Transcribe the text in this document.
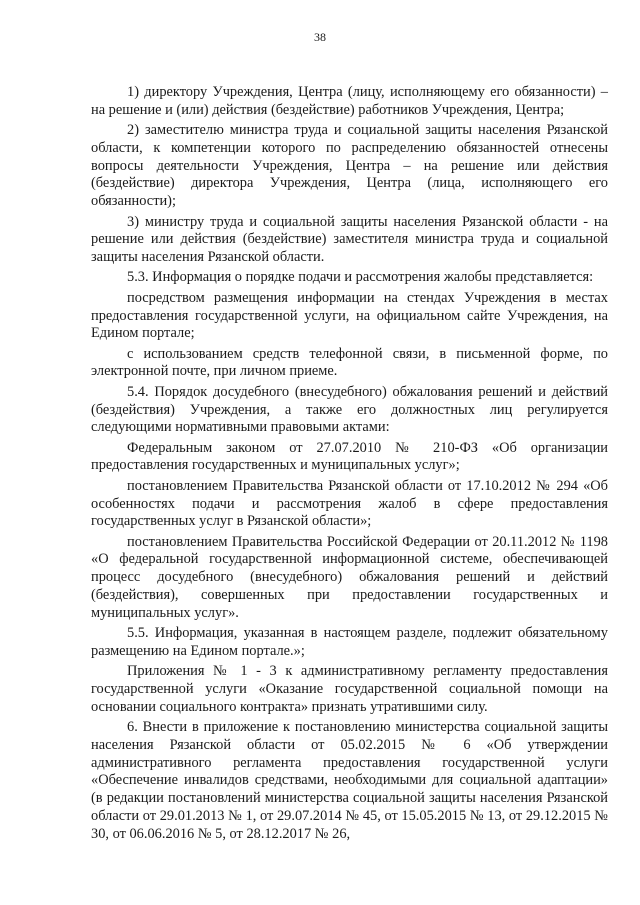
38

1) директору Учреждения, Центра (лицу, исполняющему его обязанности) – на решение и (или) действия (бездействие) работников Учреждения, Центра;

2) заместителю министра труда и социальной защиты населения Рязанской области, к компетенции которого по распределению обязанностей отнесены вопросы деятельности Учреждения, Центра – на решение или действия (бездействие) директора Учреждения, Центра (лица, исполняющего его обязанности);

3) министру труда и социальной защиты населения Рязанской области - на решение или действия (бездействие) заместителя министра труда и социальной защиты населения Рязанской области.

5.3. Информация о порядке подачи и рассмотрения жалобы представляется:

посредством размещения информации на стендах Учреждения в местах предоставления государственной услуги, на официальном сайте Учреждения, на Едином портале;

с использованием средств телефонной связи, в письменной форме, по электронной почте, при личном приеме.

5.4. Порядок досудебного (внесудебного) обжалования решений и действий (бездействия) Учреждения, а также его должностных лиц регулируется следующими нормативными правовыми актами:

Федеральным законом от 27.07.2010 № 210-ФЗ «Об организации предоставления государственных и муниципальных услуг»;

постановлением Правительства Рязанской области от 17.10.2012 № 294 «Об особенностях подачи и рассмотрения жалоб в сфере предоставления государственных услуг в Рязанской области»;

постановлением Правительства Российской Федерации от 20.11.2012 № 1198 «О федеральной государственной информационной системе, обеспечивающей процесс досудебного (внесудебного) обжалования решений и действий (бездействия), совершенных при предоставлении государственных и муниципальных услуг».

5.5. Информация, указанная в настоящем разделе, подлежит обязательному размещению на Едином портале.»;

Приложения № 1 - 3 к административному регламенту предоставления государственной услуги «Оказание государственной социальной помощи на основании социального контракта» признать утратившими силу.

6. Внести в приложение к постановлению министерства социальной защиты населения Рязанской области от 05.02.2015 № 6 «Об утверждении административного регламента предоставления государственной услуги «Обеспечение инвалидов средствами, необходимыми для социальной адаптации» (в редакции постановлений министерства социальной защиты населения Рязанской области от 29.01.2013 № 1, от 29.07.2014 № 45, от 15.05.2015 № 13, от 29.12.2015 № 30, от 06.06.2016 № 5, от 28.12.2017 № 26,
